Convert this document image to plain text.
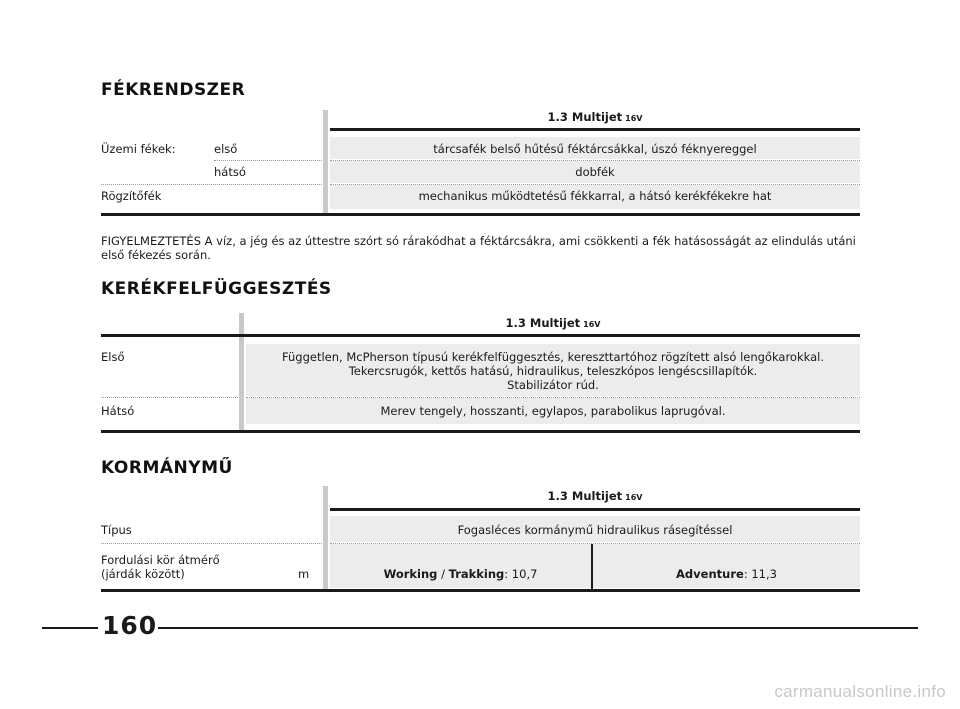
FÉKRENDSZER
1.3 Multijet 16V
Üzemi fékek:	első	tárcsafék belső hűtésű féktárcsákkal, úszó féknyereggel
hátsó	dobfék
Rögzítőfék	mechanikus működtetésű fékkarral, a hátsó kerékfékekre hat
FIGYELMEZTETÉS A víz, a jég és az úttestre szórt só rárakódhat a féktárcsákra, ami csökkenti a fék hatásosságát az elindulás utáni első fékezés során.
KERÉKFELFÜGGESZTÉS
1.3 Multijet 16V
Első	Független, McPherson típusú kerékfelfüggesztés, kereszttartóhoz rögzített alsó lengőkarokkal.
Tekercsrugók, kettős hatású, hidraulikus, teleszkópos lengéscsillapítók.
Stabilizátor rúd.
Hátsó	Merev tengely, hosszanti, egylapos, parabolikus laprugóval.
KORMÁNYMŰ
1.3 Multijet 16V
Típus	Fogasléces kormánymű hidraulikus rásegítéssel
Fordulási kör átmérő
(járdák között)	m	Working / Trakking: 10,7	Adventure: 11,3
160
carmanualsonline.info
